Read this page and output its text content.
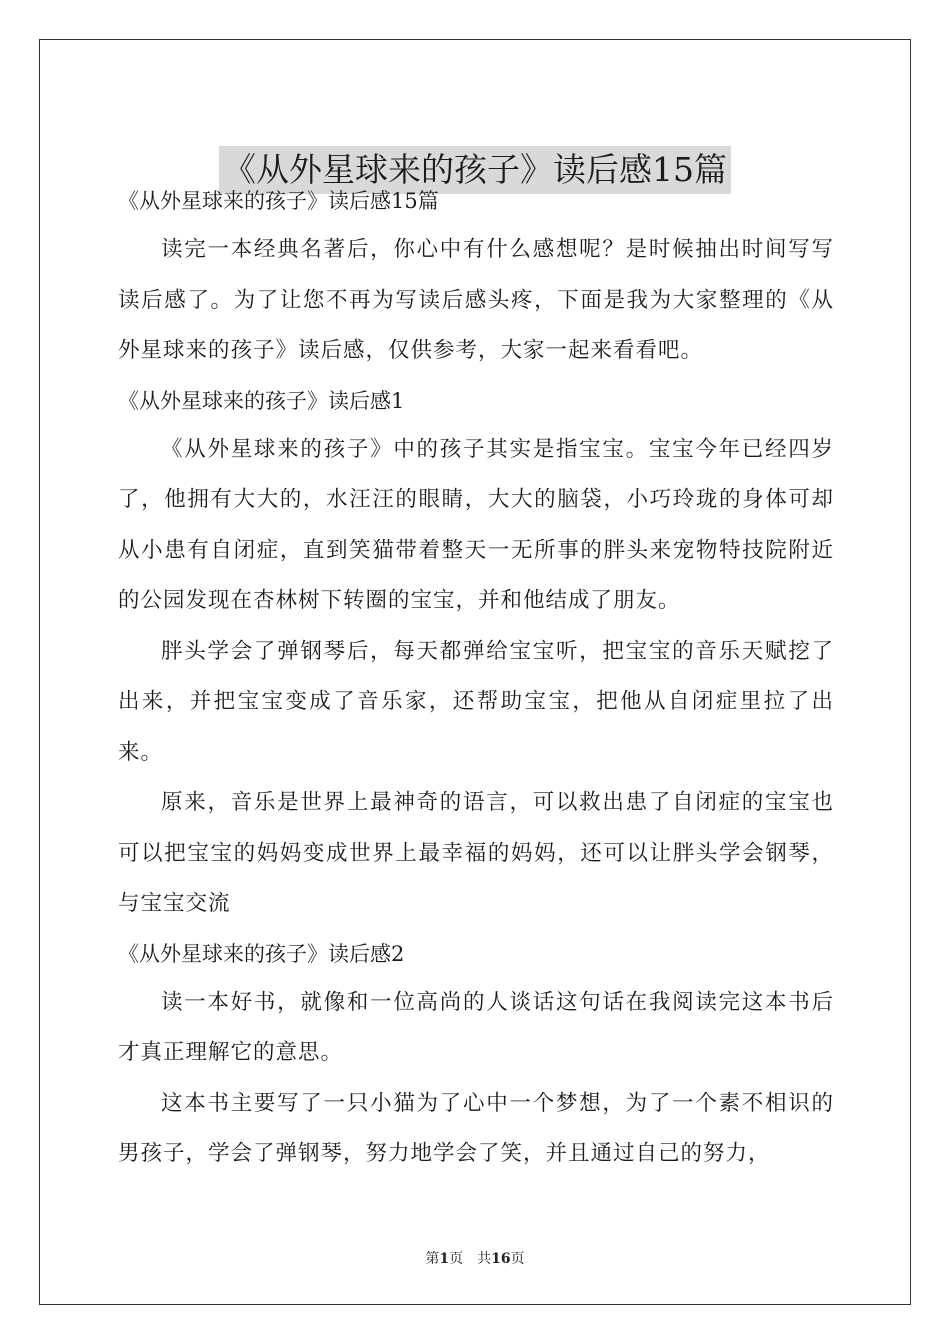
《从外星球来的孩子》读后感15篇

《从外星球来的孩子》读后感15篇

读完一本经典名著后，你心中有什么感想呢？是时候抽出时间写写读后感了。为了让您不再为写读后感头疼，下面是我为大家整理的《从外星球来的孩子》读后感，仅供参考，大家一起来看看吧。

《从外星球来的孩子》读后感1

《从外星球来的孩子》中的孩子其实是指宝宝。宝宝今年已经四岁了，他拥有大大的，水汪汪的眼睛，大大的脑袋，小巧玲珑的身体可却从小患有自闭症，直到笑猫带着整天一无所事的胖头来宠物特技院附近的公园发现在杏林树下转圈的宝宝，并和他结成了朋友。

胖头学会了弹钢琴后，每天都弹给宝宝听，把宝宝的音乐天赋挖了出来，并把宝宝变成了音乐家，还帮助宝宝，把他从自闭症里拉了出来。

原来，音乐是世界上最神奇的语言，可以救出患了自闭症的宝宝也可以把宝宝的妈妈变成世界上最幸福的妈妈，还可以让胖头学会钢琴，与宝宝交流

《从外星球来的孩子》读后感2

读一本好书，就像和一位高尚的人谈话这句话在我阅读完这本书后才真正理解它的意思。

这本书主要写了一只小猫为了心中一个梦想，为了一个素不相识的男孩子，学会了弹钢琴，努力地学会了笑，并且通过自己的努力，

第1页　共16页
